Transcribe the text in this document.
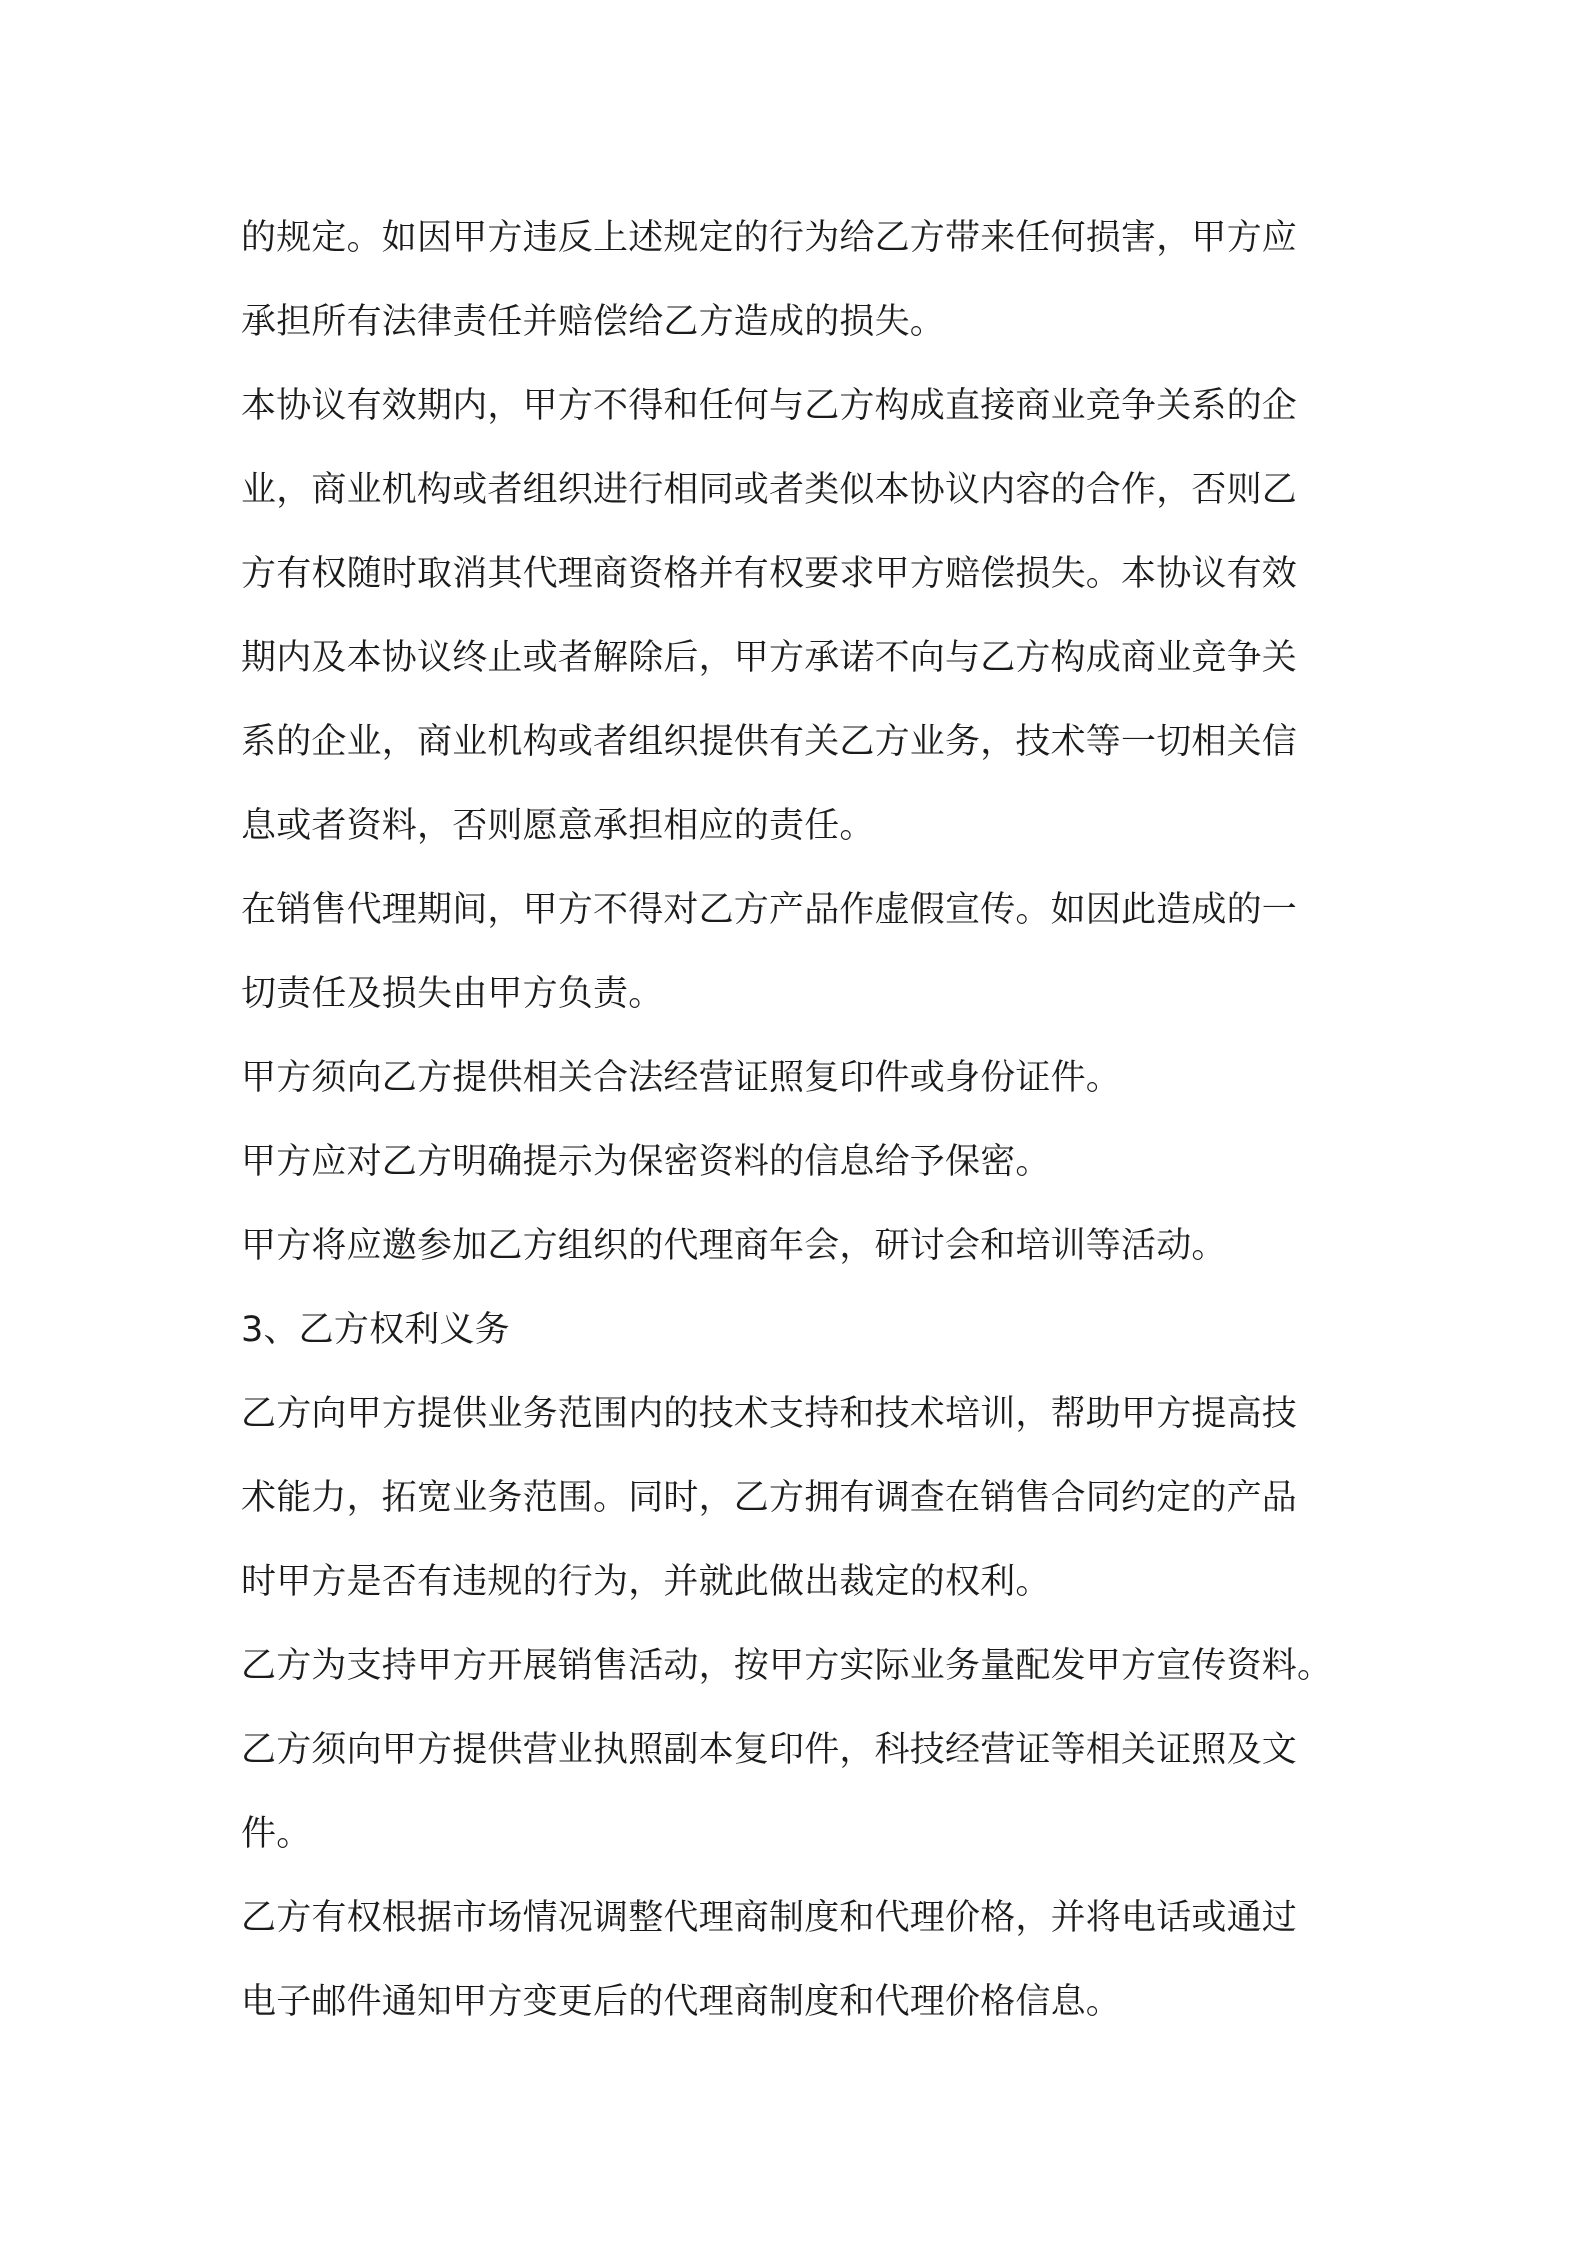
的规定。如因甲方违反上述规定的行为给乙方带来任何损害，甲方应
承担所有法律责任并赔偿给乙方造成的损失。
本协议有效期内，甲方不得和任何与乙方构成直接商业竞争关系的企
业，商业机构或者组织进行相同或者类似本协议内容的合作，否则乙
方有权随时取消其代理商资格并有权要求甲方赔偿损失。本协议有效
期内及本协议终止或者解除后，甲方承诺不向与乙方构成商业竞争关
系的企业，商业机构或者组织提供有关乙方业务，技术等一切相关信
息或者资料，否则愿意承担相应的责任。
在销售代理期间，甲方不得对乙方产品作虚假宣传。如因此造成的一
切责任及损失由甲方负责。
甲方须向乙方提供相关合法经营证照复印件或身份证件。
甲方应对乙方明确提示为保密资料的信息给予保密。
甲方将应邀参加乙方组织的代理商年会，研讨会和培训等活动。
3、乙方权利义务
乙方向甲方提供业务范围内的技术支持和技术培训，帮助甲方提高技
术能力，拓宽业务范围。同时，乙方拥有调查在销售合同约定的产品
时甲方是否有违规的行为，并就此做出裁定的权利。
乙方为支持甲方开展销售活动，按甲方实际业务量配发甲方宣传资料。
乙方须向甲方提供营业执照副本复印件，科技经营证等相关证照及文
件。
乙方有权根据市场情况调整代理商制度和代理价格，并将电话或通过
电子邮件通知甲方变更后的代理商制度和代理价格信息。
